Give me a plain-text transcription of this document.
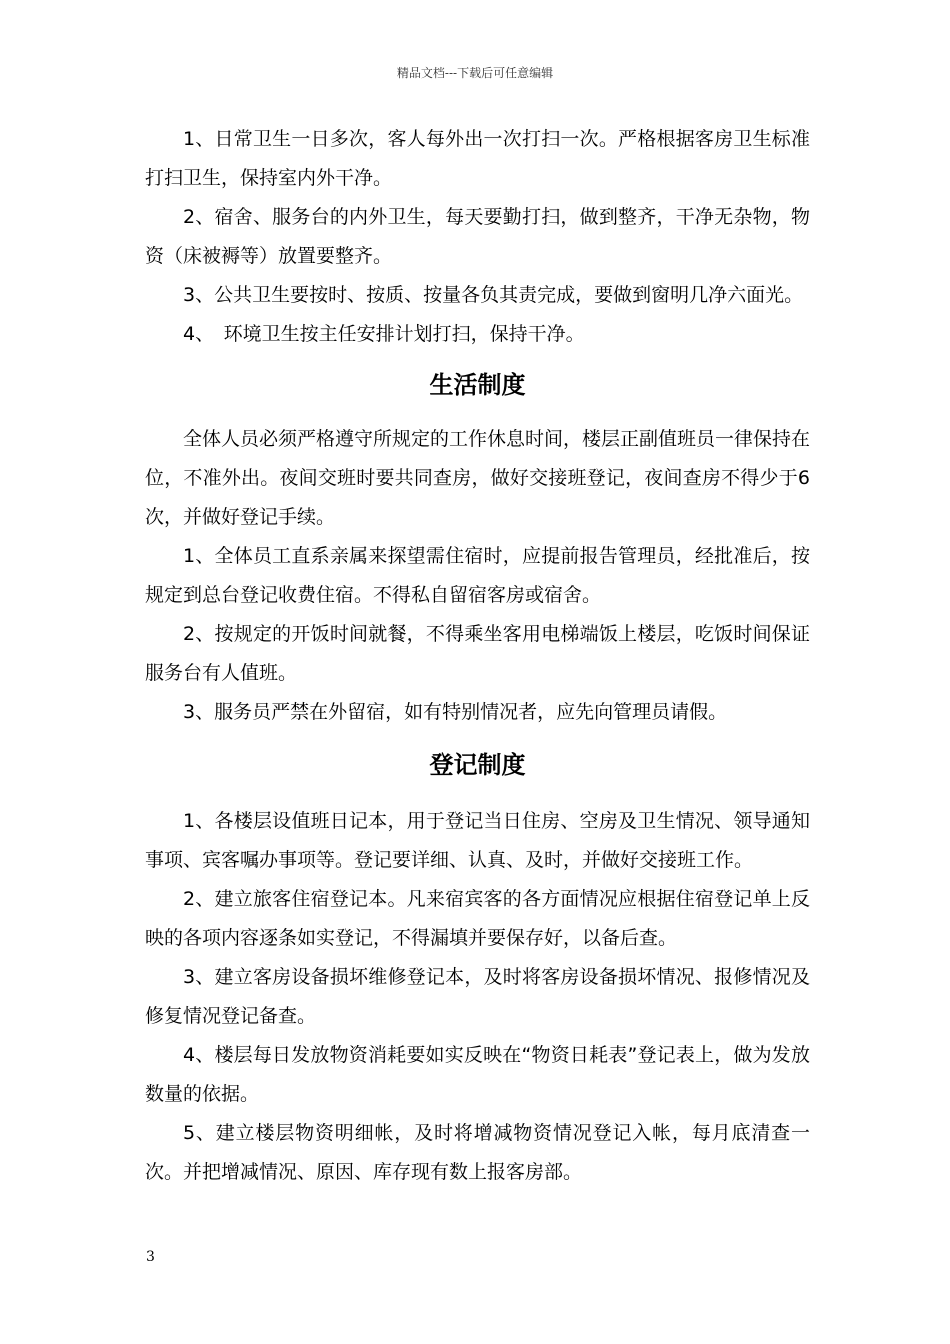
精品文档---下载后可任意编辑

1、日常卫生一日多次，客人每外出一次打扫一次。严格根据客房卫生标准打扫卫生，保持室内外干净。

2、宿舍、服务台的内外卫生，每天要勤打扫，做到整齐，干净无杂物，物资（床被褥等）放置要整齐。

3、公共卫生要按时、按质、按量各负其责完成，要做到窗明几净六面光。

4、　环境卫生按主任安排计划打扫，保持干净。

生活制度

全体人员必须严格遵守所规定的工作休息时间，楼层正副值班员一律保持在位，不准外出。夜间交班时要共同查房，做好交接班登记，夜间查房不得少于6次，并做好登记手续。

1、全体员工直系亲属来探望需住宿时，应提前报告管理员，经批准后，按规定到总台登记收费住宿。不得私自留宿客房或宿舍。

2、按规定的开饭时间就餐，不得乘坐客用电梯端饭上楼层，吃饭时间保证服务台有人值班。

3、服务员严禁在外留宿，如有特别情况者，应先向管理员请假。

登记制度

1、各楼层设值班日记本，用于登记当日住房、空房及卫生情况、领导通知事项、宾客嘱办事项等。登记要详细、认真、及时，并做好交接班工作。

2、建立旅客住宿登记本。凡来宿宾客的各方面情况应根据住宿登记单上反映的各项内容逐条如实登记，不得漏填并要保存好，以备后查。

3、建立客房设备损坏维修登记本，及时将客房设备损坏情况、报修情况及修复情况登记备查。

4、楼层每日发放物资消耗要如实反映在“物资日耗表”登记表上，做为发放数量的依据。

5、建立楼层物资明细帐，及时将增减物资情况登记入帐，每月底清查一次。并把增减情况、原因、库存现有数上报客房部。

3
